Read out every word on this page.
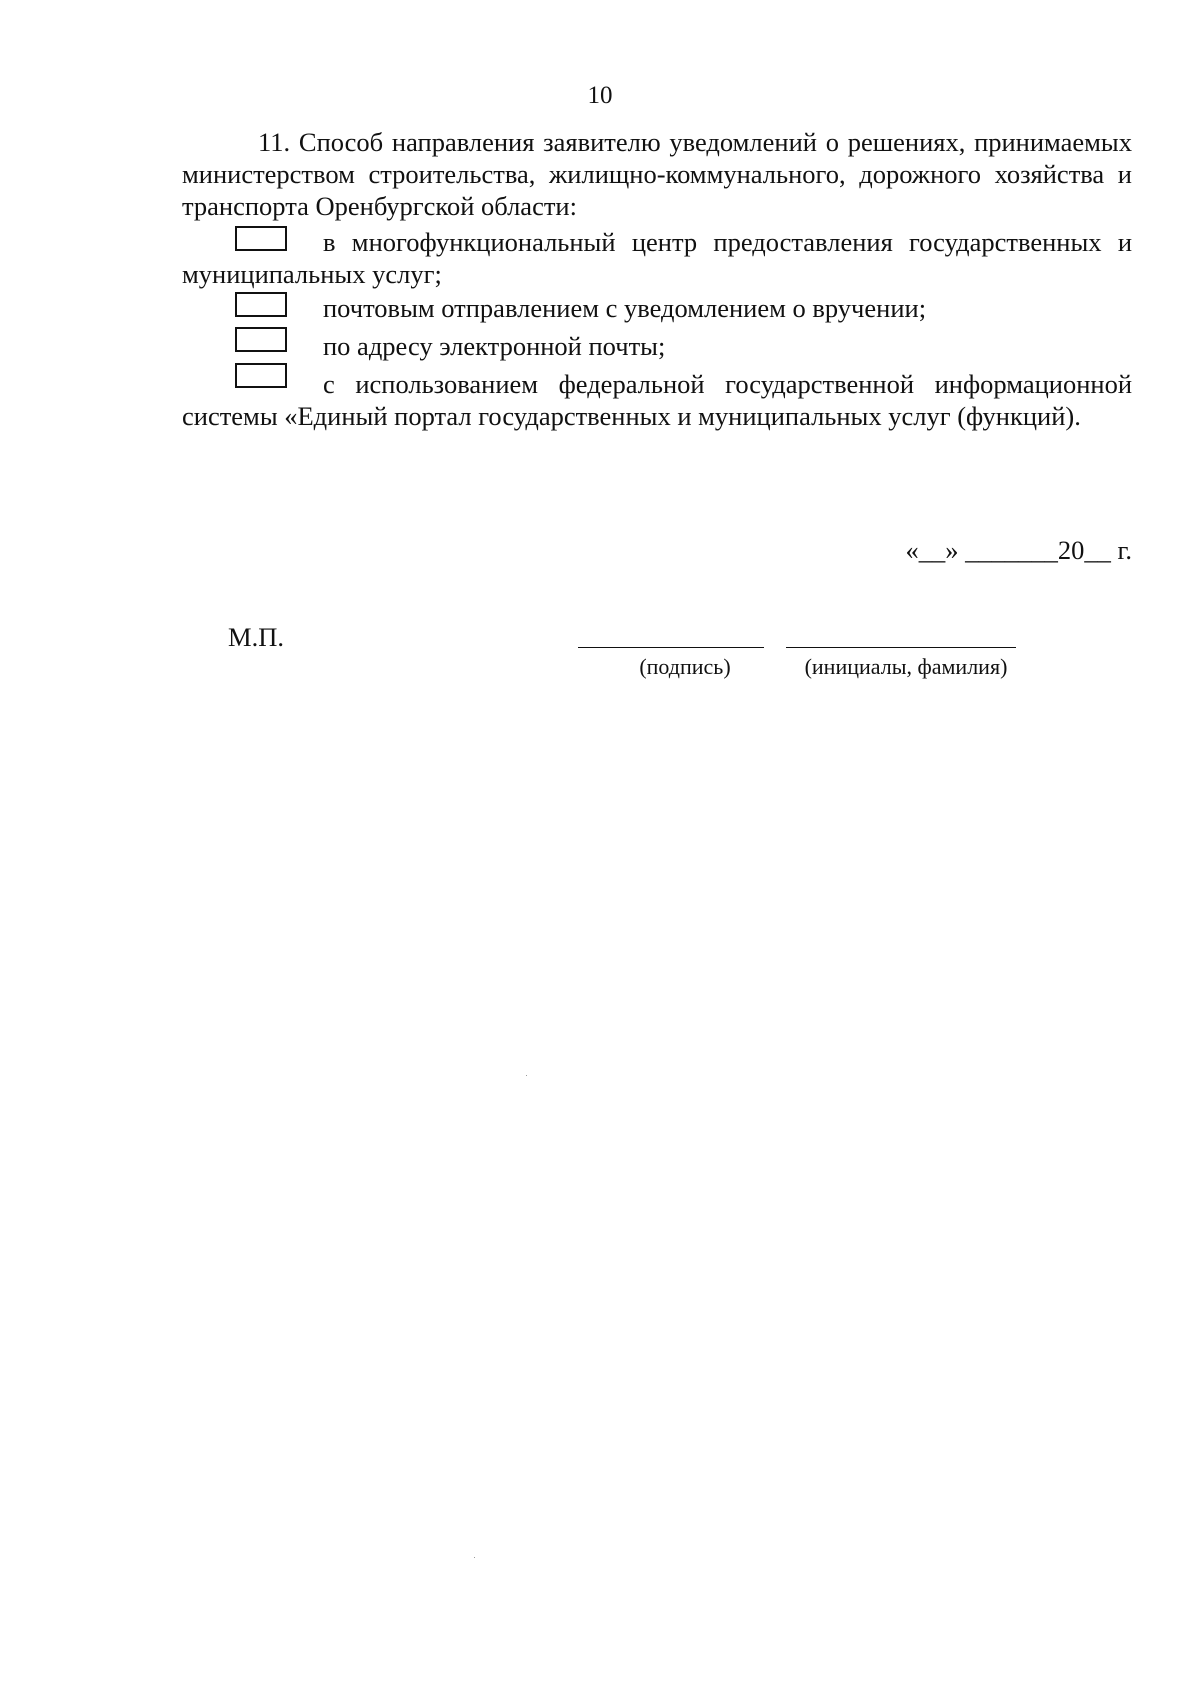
10
11. Способ направления заявителю уведомлений о решениях, принимаемых министерством строительства, жилищно-коммунального, дорожного хозяйства и транспорта Оренбургской области:
в многофункциональный центр предоставления государственных и муниципальных услуг;
почтовым отправлением с уведомлением о вручении;
по адресу электронной почты;
с использованием федеральной государственной информационной системы «Единый портал государственных и муниципальных услуг (функций).
«__» _______20__ г.
М.П.
(подпись)	(инициалы, фамилия)
